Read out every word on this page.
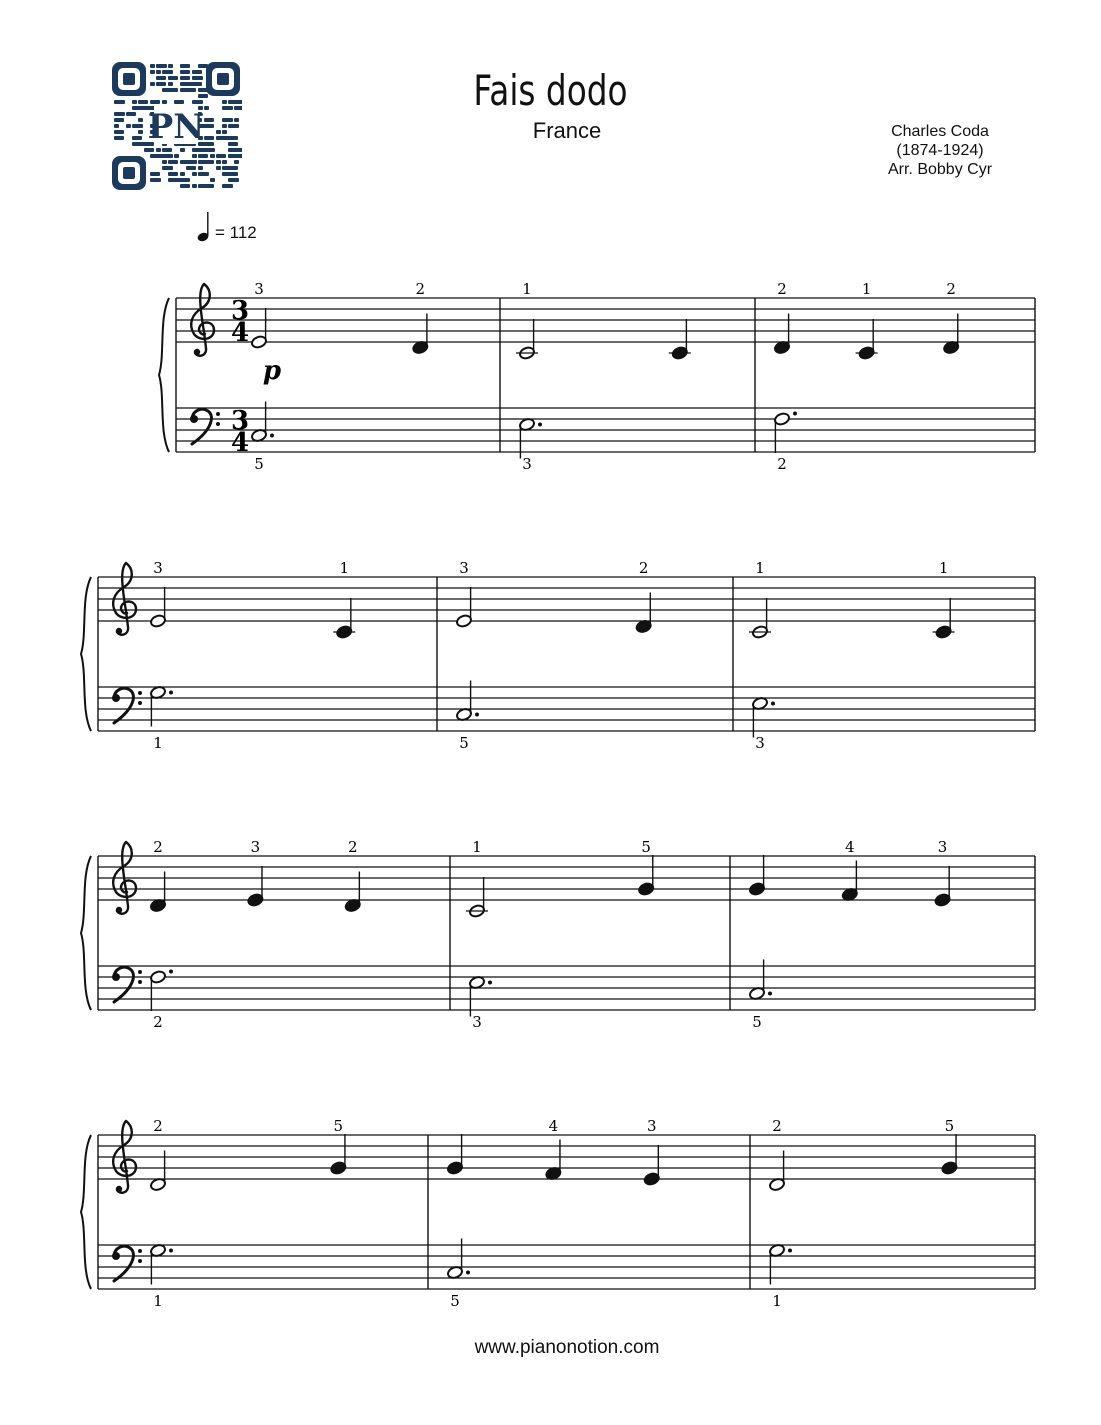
Fais dodo
France	Charles Coda
(1874-1924)
Arr. Bobby Cyr
PN
= 112
3
4
3
4
3	2
5
1
3
2	1	2
2
p
3	1
1
3	2
5
1	1
3
2	3	2
2
1	5
3
4	3
5
2	5
1
4	3
5
2	5
1
www.pianonotion.com
